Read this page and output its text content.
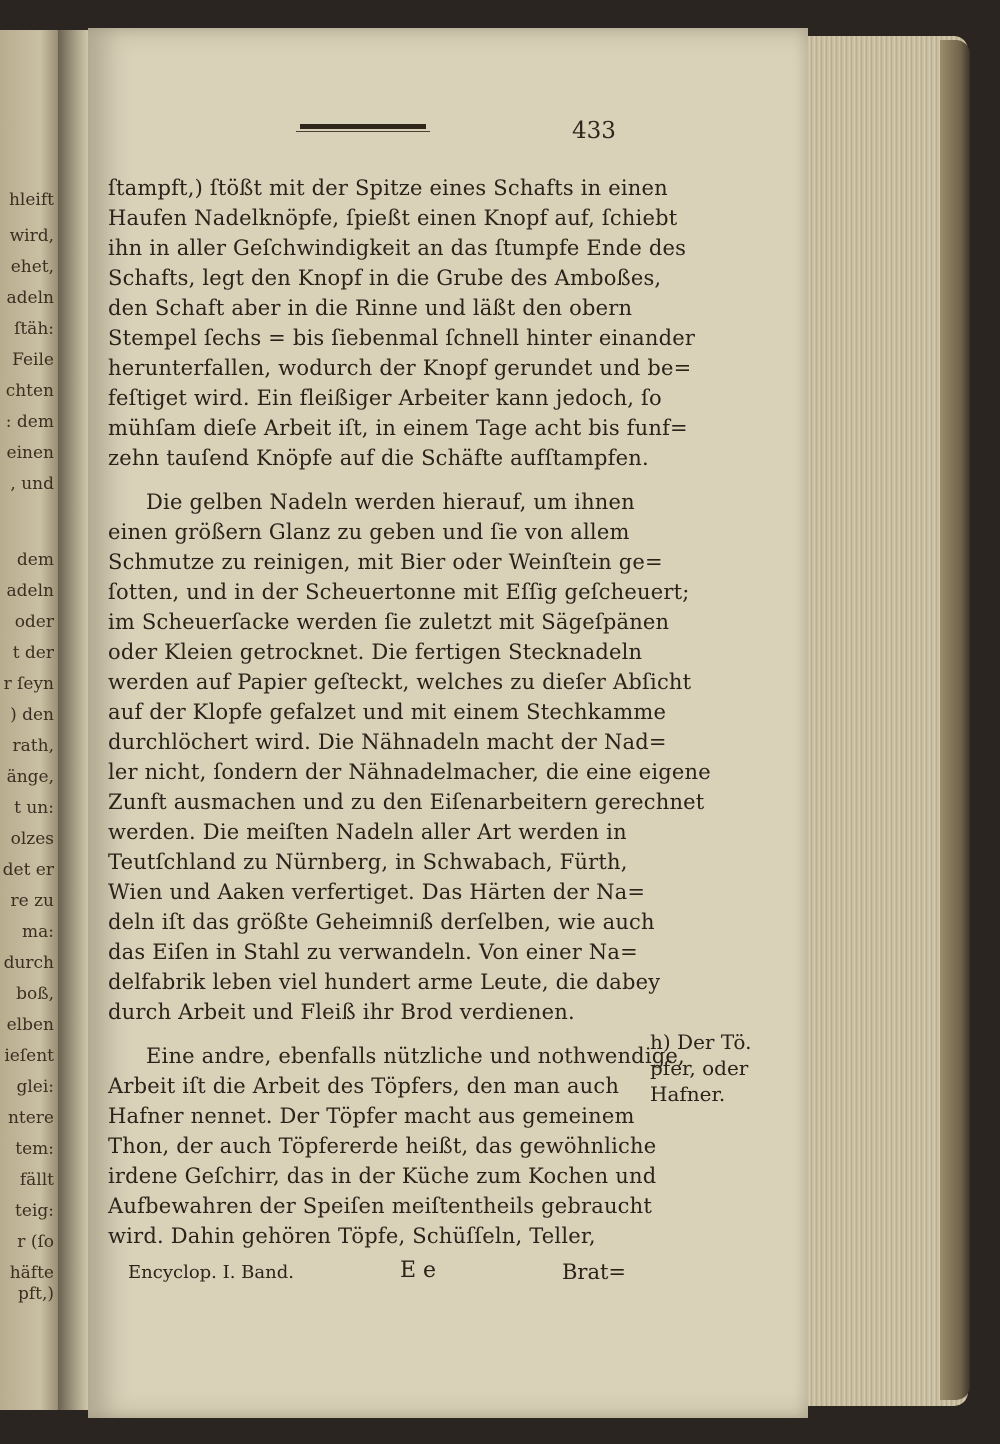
hleift
wird,
ehet,
adeln
ſtäh:
Feile
chten
: dem
einen
, und
dem
adeln
oder
t der
r ſeyn
) den
rath,
änge,
t un:
olzes
det er
re zu
ma:
durch
boß,
elben
ieſent
glei:
ntere
tem:
fällt
teig:
r (ſo
häfte
pft,)
433
ſtampft,) ſtößt mit der Spitze eines Schafts in einen
Haufen Nadelknöpfe, ſpießt einen Knopf auf, ſchiebt
ihn in aller Geſchwindigkeit an das ſtumpfe Ende des
Schafts, legt den Knopf in die Grube des Amboßes,
den Schaft aber in die Rinne und läßt den obern
Stempel ſechs = bis ſiebenmal ſchnell hinter einander
herunterfallen, wodurch der Knopf gerundet und be=
feſtiget wird. Ein fleißiger Arbeiter kann jedoch, ſo
mühſam dieſe Arbeit iſt, in einem Tage acht bis funf=
zehn tauſend Knöpfe auf die Schäfte aufſtampfen.
Die gelben Nadeln werden hierauf, um ihnen
einen größern Glanz zu geben und ſie von allem
Schmutze zu reinigen, mit Bier oder Weinſtein ge=
ſotten, und in der Scheuertonne mit Eſſig geſcheuert;
im Scheuerſacke werden ſie zuletzt mit Sägeſpänen
oder Kleien getrocknet. Die fertigen Stecknadeln
werden auf Papier geſteckt, welches zu dieſer Abſicht
auf der Klopfe gefalzet und mit einem Stechkamme
durchlöchert wird. Die Nähnadeln macht der Nad=
ler nicht, ſondern der Nähnadelmacher, die eine eigene
Zunft ausmachen und zu den Eiſenarbeitern gerechnet
werden. Die meiſten Nadeln aller Art werden in
Teutſchland zu Nürnberg, in Schwabach, Fürth,
Wien und Aaken verfertiget. Das Härten der Na=
deln iſt das größte Geheimniß derſelben, wie auch
das Eiſen in Stahl zu verwandeln. Von einer Na=
delfabrik leben viel hundert arme Leute, die dabey
durch Arbeit und Fleiß ihr Brod verdienen.
Eine andre, ebenfalls nützliche und nothwendige,
Arbeit iſt die Arbeit des Töpfers, den man auch
Hafner nennet. Der Töpfer macht aus gemeinem
Thon, der auch Töpfererde heißt, das gewöhnliche
irdene Geſchirr, das in der Küche zum Kochen und
Aufbewahren der Speiſen meiſtentheils gebraucht
wird. Dahin gehören Töpfe, Schüſſeln, Teller,
h) Der Tö.
pfer, oder
Hafner.
Encyclop. I. Band.	E e	Brat=
